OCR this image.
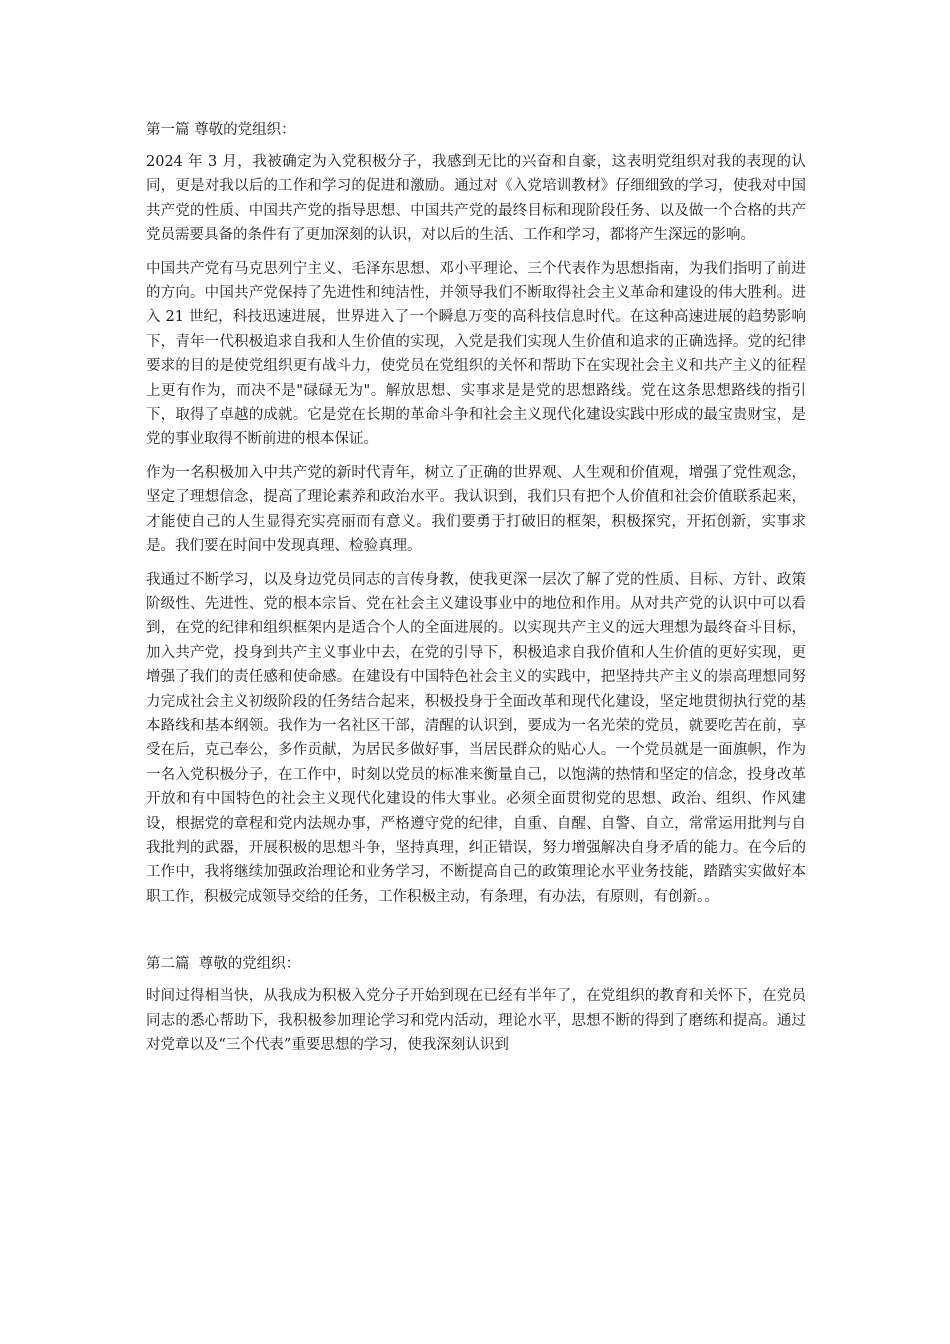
第一篇 尊敬的党组织：

2024 年 3 月，我被确定为入党积极分子，我感到无比的兴奋和自豪，这表明党组织对我的表现的认同，更是对我以后的工作和学习的促进和激励。通过对《入党培训教材》仔细细致的学习，使我对中国共产党的性质、中国共产党的指导思想、中国共产党的最终目标和现阶段任务、以及做一个合格的共产党员需要具备的条件有了更加深刻的认识，对以后的生活、工作和学习，都将产生深远的影响。

中国共产党有马克思列宁主义、毛泽东思想、邓小平理论、三个代表作为思想指南，为我们指明了前进的方向。中国共产党保持了先进性和纯洁性，并领导我们不断取得社会主义革命和建设的伟大胜利。进入 21 世纪，科技迅速进展，世界进入了一个瞬息万变的高科技信息时代。在这种高速进展的趋势影响下，青年一代积极追求自我和人生价值的实现，入党是我们实现人生价值和追求的正确选择。党的纪律要求的目的是使党组织更有战斗力，使党员在党组织的关怀和帮助下在实现社会主义和共产主义的征程上更有作为，而决不是"碌碌无为"。解放思想、实事求是是党的思想路线。党在这条思想路线的指引下，取得了卓越的成就。它是党在长期的革命斗争和社会主义现代化建设实践中形成的最宝贵财宝，是党的事业取得不断前进的根本保证。

作为一名积极加入中共产党的新时代青年，树立了正确的世界观、人生观和价值观，增强了党性观念，坚定了理想信念，提高了理论素养和政治水平。我认识到，我们只有把个人价值和社会价值联系起来，才能使自己的人生显得充实亮丽而有意义。我们要勇于打破旧的框架，积极探究，开拓创新，实事求是。我们要在时间中发现真理、检验真理。

我通过不断学习，以及身边党员同志的言传身教，使我更深一层次了解了党的性质、目标、方针、政策阶级性、先进性、党的根本宗旨、党在社会主义建设事业中的地位和作用。从对共产党的认识中可以看到，在党的纪律和组织框架内是适合个人的全面进展的。以实现共产主义的远大理想为最终奋斗目标，加入共产党，投身到共产主义事业中去，在党的引导下，积极追求自我价值和人生价值的更好实现，更增强了我们的责任感和使命感。在建设有中国特色社会主义的实践中，把坚持共产主义的崇高理想同努力完成社会主义初级阶段的任务结合起来，积极投身于全面改革和现代化建设，坚定地贯彻执行党的基本路线和基本纲领。我作为一名社区干部，清醒的认识到，要成为一名光荣的党员，就要吃苦在前，享受在后，克己奉公，多作贡献，为居民多做好事，当居民群众的贴心人。一个党员就是一面旗帜，作为一名入党积极分子，在工作中，时刻以党员的标准来衡量自己，以饱满的热情和坚定的信念，投身改革开放和有中国特色的社会主义现代化建设的伟大事业。必须全面贯彻党的思想、政治、组织、作风建设，根据党的章程和党内法规办事，严格遵守党的纪律，自重、自醒、自警、自立，常常运用批判与自我批判的武器，开展积极的思想斗争，坚持真理，纠正错误，努力增强解决自身矛盾的能力。在今后的工作中，我将继续加强政治理论和业务学习，不断提高自己的政策理论水平业务技能，踏踏实实做好本职工作，积极完成领导交给的任务，工作积极主动，有条理，有办法，有原则，有创新。。

第二篇  尊敬的党组织：

时间过得相当快，从我成为积极入党分子开始到现在已经有半年了，在党组织的教育和关怀下，在党员同志的悉心帮助下，我积极参加理论学习和党内活动，理论水平，思想不断的得到了磨练和提高。通过对党章以及“三个代表”重要思想的学习，使我深刻认识到
